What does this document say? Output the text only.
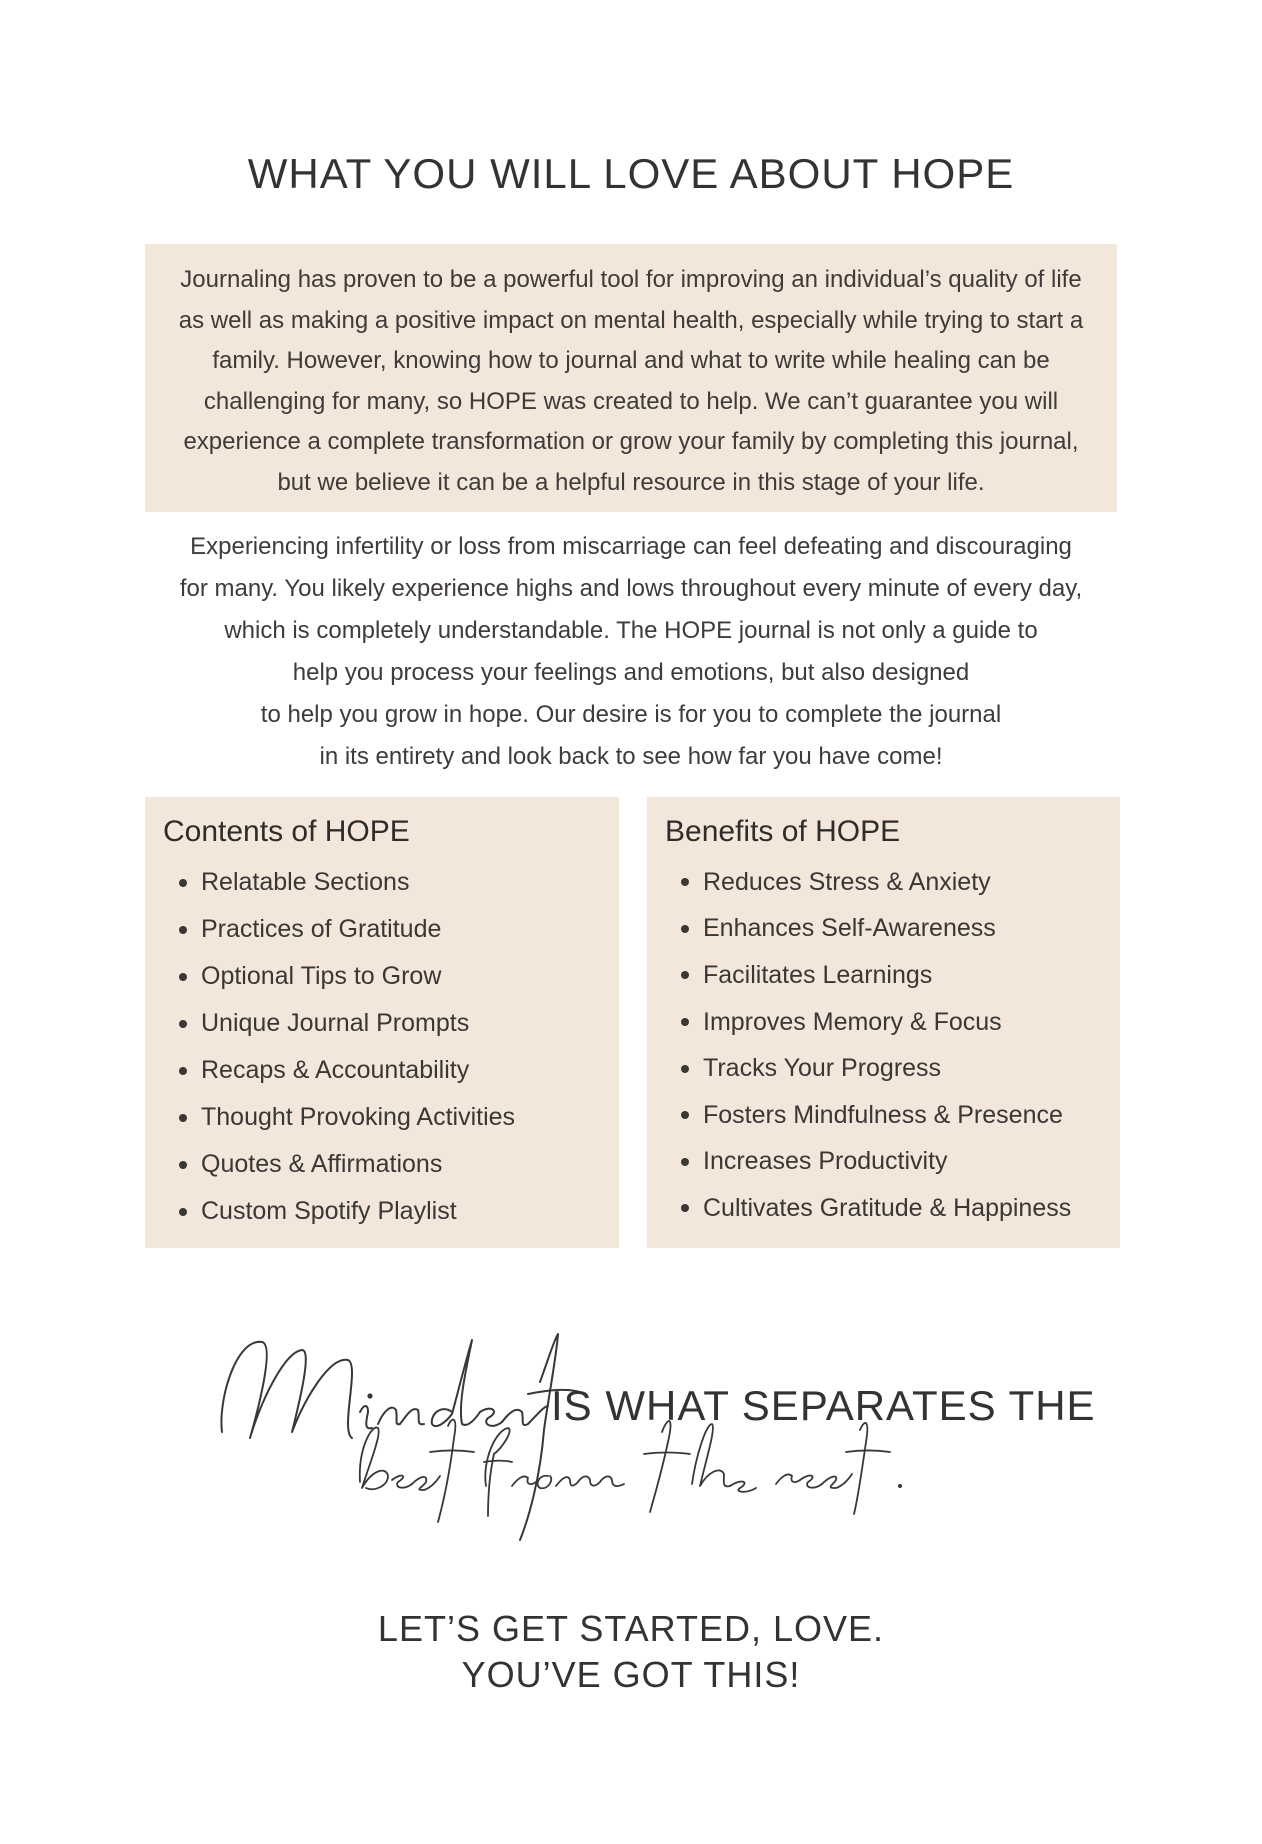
WHAT YOU WILL LOVE ABOUT HOPE

Journaling has proven to be a powerful tool for improving an individual’s quality of life

as well as making a positive impact on mental health, especially while trying to start a

family. However, knowing how to journal and what to write while healing can be

challenging for many, so HOPE was created to help. We can’t guarantee you will

experience a complete transformation or grow your family by completing this journal,

but we believe it can be a helpful resource in this stage of your life.

Experiencing infertility or loss from miscarriage can feel defeating and discouraging

for many. You likely experience highs and lows throughout every minute of every day,

which is completely understandable. The HOPE journal is not only a guide to

help you process your feelings and emotions, but also designed

to help you grow in hope. Our desire is for you to complete the journal

in its entirety and look back to see how far you have come!

Contents of HOPE
Relatable Sections
Practices of Gratitude
Optional Tips to Grow
Unique Journal Prompts
Recaps & Accountability
Thought Provoking Activities
Quotes & Affirmations
Custom Spotify Playlist
Benefits of HOPE
Reduces Stress & Anxiety
Enhances Self-Awareness
Facilitates Learnings
Improves Memory & Focus
Tracks Your Progress
Fosters Mindfulness & Presence
Increases Productivity
Cultivates Gratitude & Happiness
IS WHAT SEPARATES THE
LET’S GET STARTED, LOVE.
YOU’VE GOT THIS!
